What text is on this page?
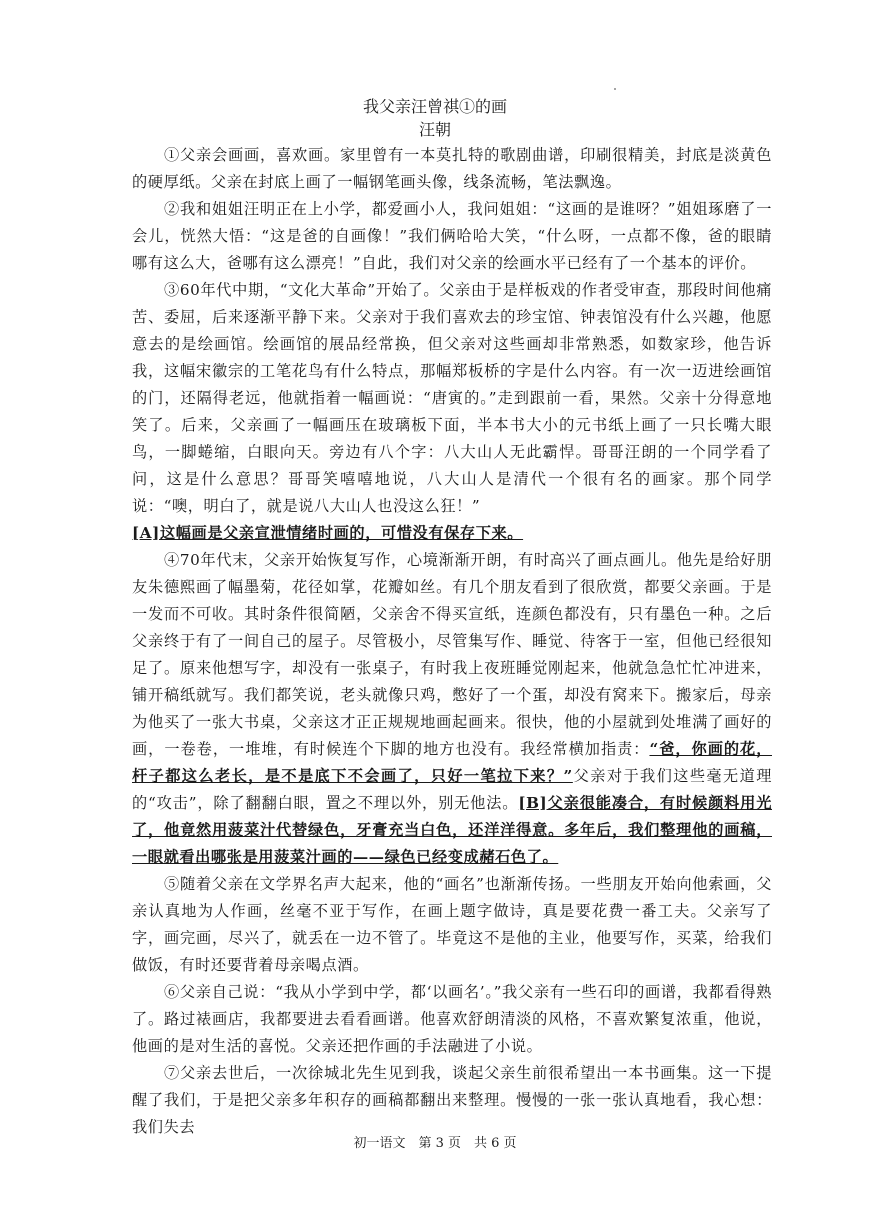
我父亲汪曾祺①的画
汪朝

①父亲会画画，喜欢画。家里曾有一本莫扎特的歌剧曲谱，印刷很精美，封底是淡黄色的硬厚纸。父亲在封底上画了一幅钢笔画头像，线条流畅，笔法飘逸。

②我和姐姐汪明正在上小学，都爱画小人，我问姐姐：“这画的是谁呀？”姐姐琢磨了一会儿，恍然大悟：“这是爸的自画像！”我们俩哈哈大笑，“什么呀，一点都不像，爸的眼睛哪有这么大，爸哪有这么漂亮！”自此，我们对父亲的绘画水平已经有了一个基本的评价。

③60年代中期，“文化大革命”开始了。父亲由于是样板戏的作者受审查，那段时间他痛苦、委屈，后来逐渐平静下来。父亲对于我们喜欢去的珍宝馆、钟表馆没有什么兴趣，他愿意去的是绘画馆。绘画馆的展品经常换，但父亲对这些画却非常熟悉，如数家珍，他告诉我，这幅宋徽宗的工笔花鸟有什么特点，那幅郑板桥的字是什么内容。有一次一迈进绘画馆的门，还隔得老远，他就指着一幅画说：“唐寅的。”走到跟前一看，果然。父亲十分得意地笑了。后来，父亲画了一幅画压在玻璃板下面，半本书大小的元书纸上画了一只长嘴大眼鸟，一脚蜷缩，白眼向天。旁边有八个字：八大山人无此霸悍。哥哥汪朗的一个同学看了问，这是什么意思？哥哥笑嘻嘻地说，八大山人是清代一个很有名的画家。那个同学说：“噢，明白了，就是说八大山人也没这么狂！”

[A]这幅画是父亲宣泄情绪时画的，可惜没有保存下来。

④70年代末，父亲开始恢复写作，心境渐渐开朗，有时高兴了画点画儿。他先是给好朋友朱德熙画了幅墨菊，花径如掌，花瓣如丝。有几个朋友看到了很欣赏，都要父亲画。于是一发而不可收。其时条件很简陋，父亲舍不得买宣纸，连颜色都没有，只有墨色一种。之后父亲终于有了一间自己的屋子。尽管极小，尽管集写作、睡觉、待客于一室，但他已经很知足了。原来他想写字，却没有一张桌子，有时我上夜班睡觉刚起来，他就急急忙忙冲进来，铺开稿纸就写。我们都笑说，老头就像只鸡，憋好了一个蛋，却没有窝来下。搬家后，母亲为他买了一张大书桌，父亲这才正正规规地画起画来。很快，他的小屋就到处堆满了画好的画，一卷卷，一堆堆，有时候连个下脚的地方也没有。我经常横加指责：“爸，你画的花，杆子都这么老长，是不是底下不会画了，只好一笔拉下来？”父亲对于我们这些毫无道理的“攻击”，除了翻翻白眼，置之不理以外，别无他法。[B]父亲很能凑合，有时候颜料用光了，他竟然用菠菜汁代替绿色，牙膏充当白色，还洋洋得意。多年后，我们整理他的画稿，一眼就看出哪张是用菠菜汁画的——绿色已经变成赭石色了。

⑤随着父亲在文学界名声大起来，他的“画名”也渐渐传扬。一些朋友开始向他索画，父亲认真地为人作画，丝毫不亚于写作，在画上题字做诗，真是要花费一番工夫。父亲写了字，画完画，尽兴了，就丢在一边不管了。毕竟这不是他的主业，他要写作，买菜，给我们做饭，有时还要背着母亲喝点酒。

⑥父亲自己说：“我从小学到中学，都‘以画名’。”我父亲有一些石印的画谱，我都看得熟了。路过裱画店，我都要进去看看画谱。他喜欢舒朗清淡的风格，不喜欢繁复浓重，他说，他画的是对生活的喜悦。父亲还把作画的手法融进了小说。

⑦父亲去世后，一次徐城北先生见到我，谈起父亲生前很希望出一本书画集。这一下提醒了我们，于是把父亲多年积存的画稿都翻出来整理。慢慢的一张一张认真地看，我心想：我们失去

初一语文　第 3 页　共 6 页
